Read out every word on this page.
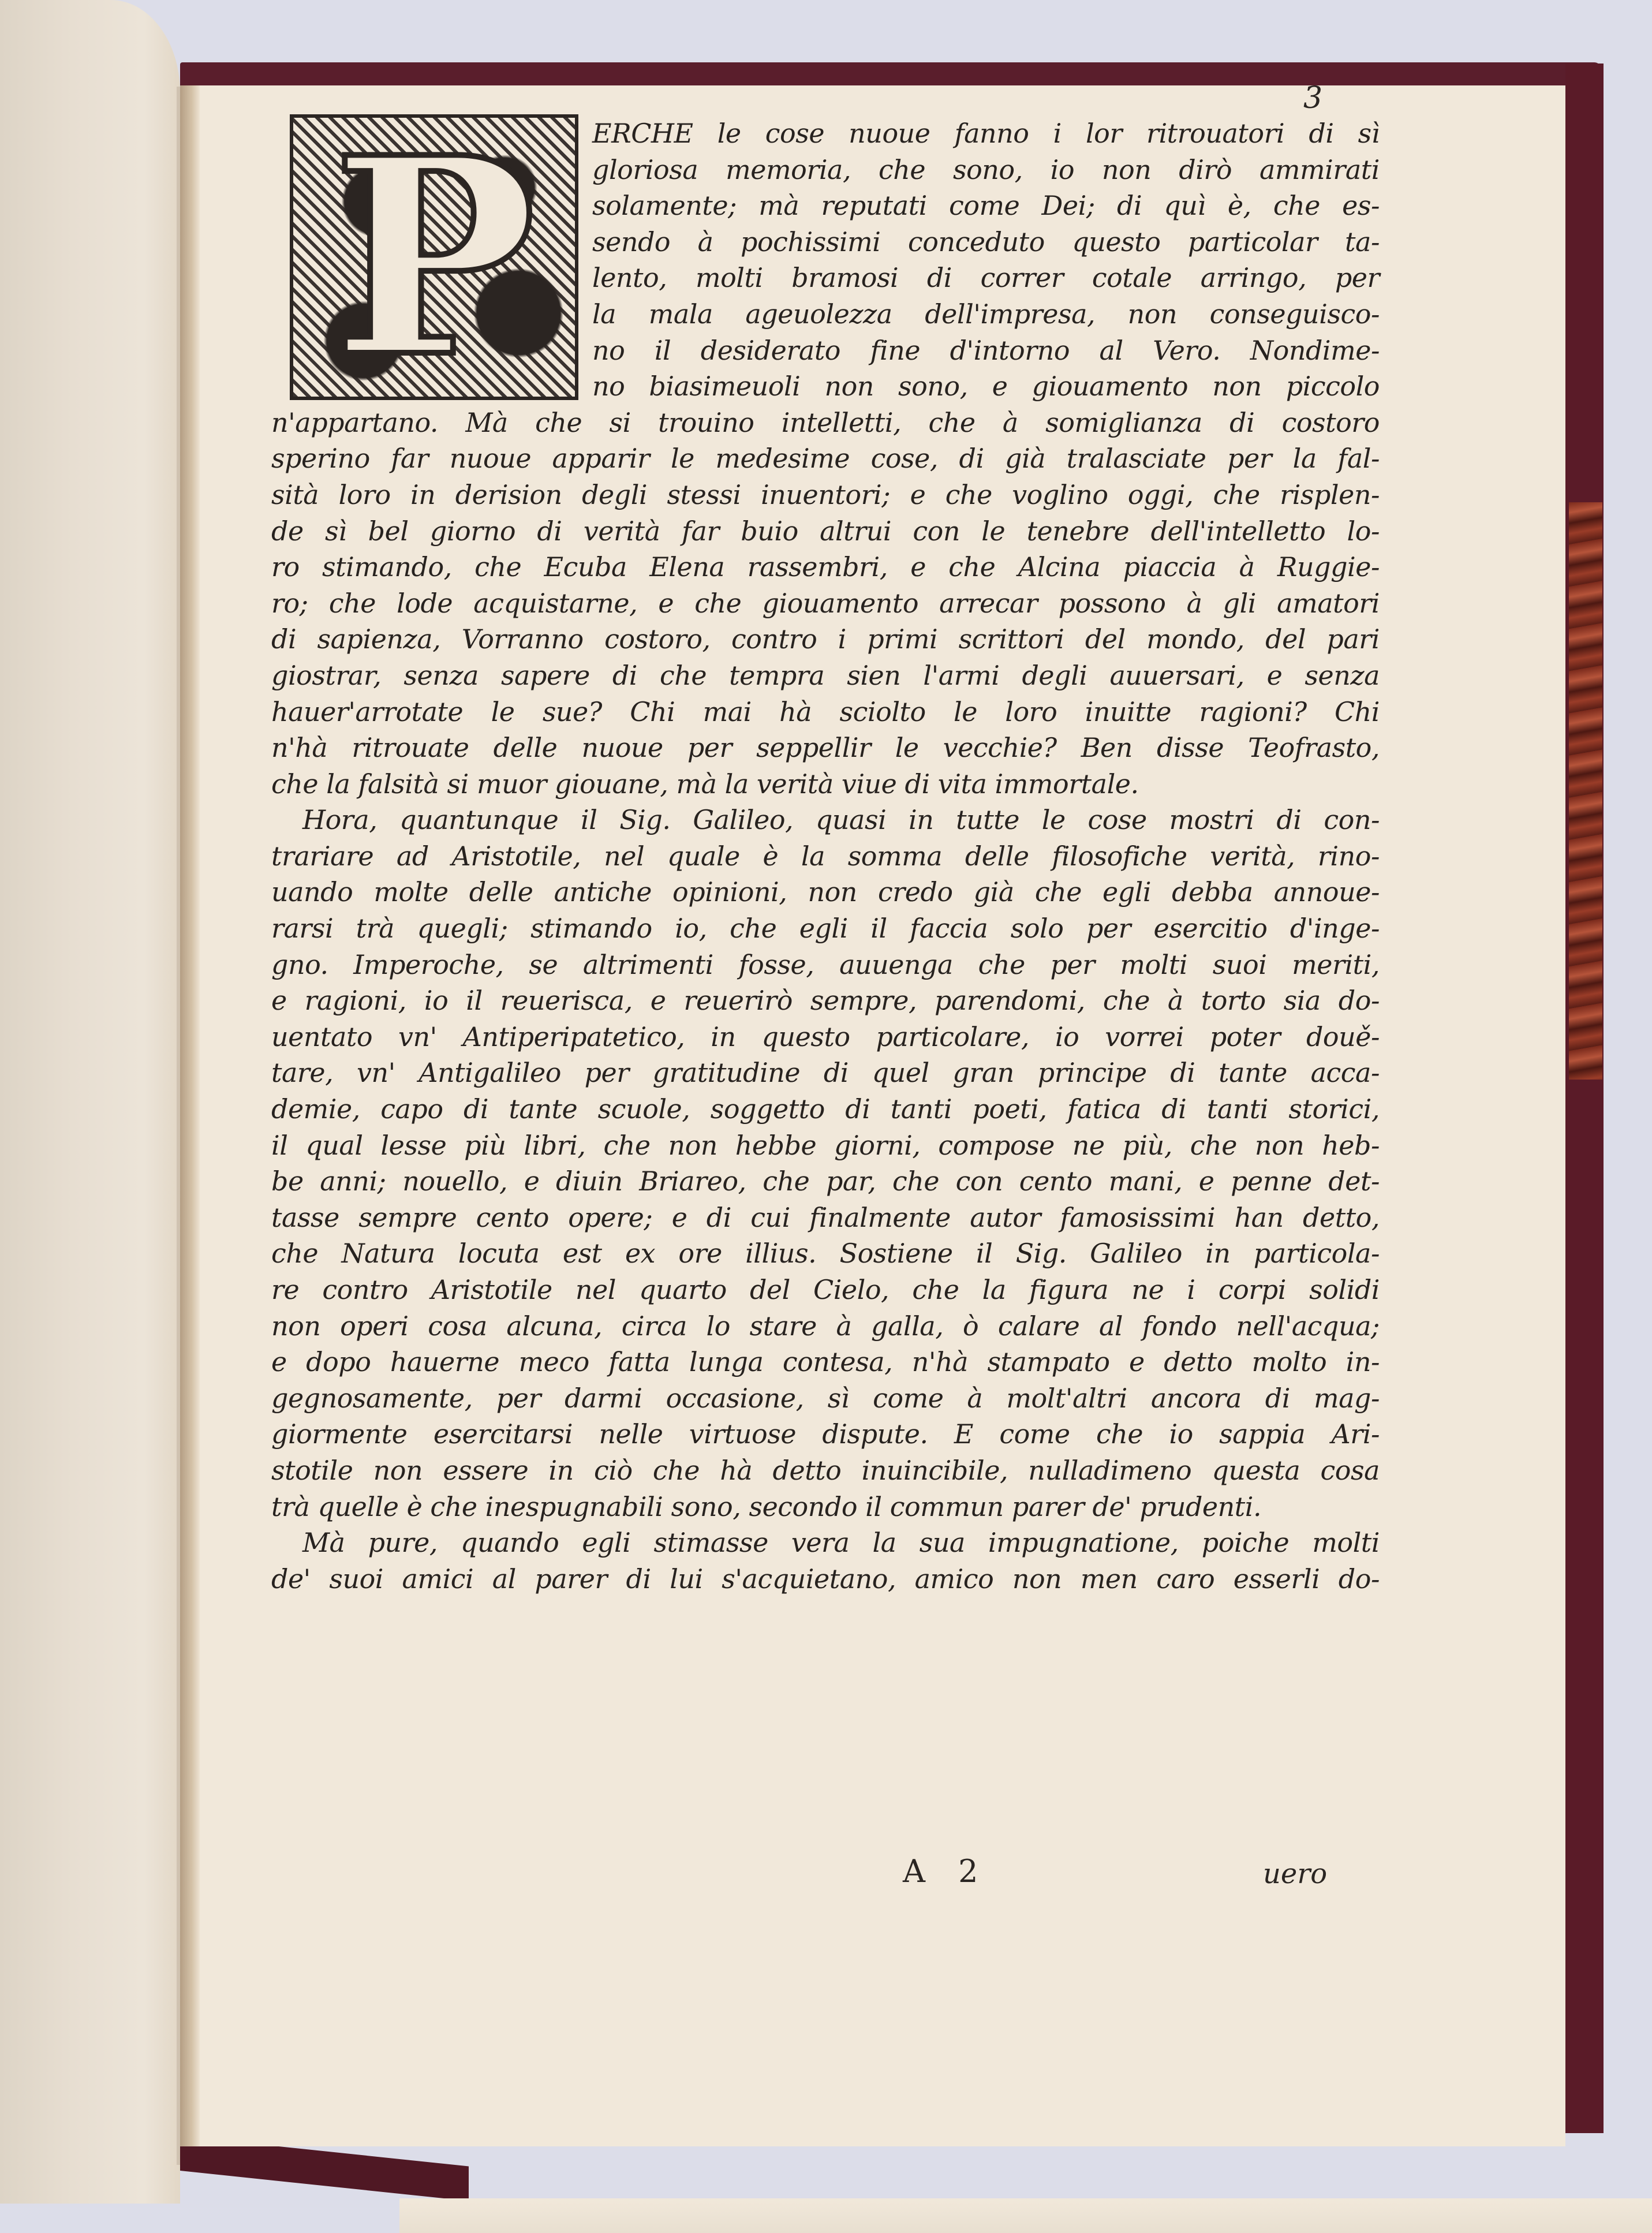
3
P	ERCHE le cose nuoue fanno i lor ritrouatori di sì
gloriosa memoria, che sono, io non dirò ammirati
solamente; mà reputati come Dei; di quì è, che es-
sendo à pochissimi conceduto questo particolar ta-
lento, molti bramosi di correr cotale arringo, per
la mala ageuolezza dell'impresa, non conseguisco-
no il desiderato fine d'intorno al Vero. Nondime-
no biasimeuoli non sono, e giouamento non piccolo
n'appartano. Mà che si trouino intelletti, che à somiglianza di costoro
sperino far nuoue apparir le medesime cose, di già tralasciate per la fal-
sità loro in derision degli stessi inuentori; e che voglino oggi, che risplen-
de sì bel giorno di verità far buio altrui con le tenebre dell'intelletto lo-
ro stimando, che Ecuba Elena rassembri, e che Alcina piaccia à Ruggie-
ro; che lode acquistarne, e che giouamento arrecar possono à gli amatori
di sapienza, Vorranno costoro, contro i primi scrittori del mondo, del pari
giostrar, senza sapere di che tempra sien l'armi degli auuersari, e senza
hauer'arrotate le sue? Chi mai hà sciolto le loro inuitte ragioni? Chi
n'hà ritrouate delle nuoue per seppellir le vecchie? Ben disse Teofrasto,
che la falsità si muor giouane, mà la verità viue di vita immortale.
Hora, quantunque il Sig. Galileo, quasi in tutte le cose mostri di con-
trariare ad Aristotile, nel quale è la somma delle filosofiche verità, rino-
uando molte delle antiche opinioni, non credo già che egli debba annoue-
rarsi trà quegli; stimando io, che egli il faccia solo per esercitio d'inge-
gno. Imperoche, se altrimenti fosse, auuenga che per molti suoi meriti,
e ragioni, io il reuerisca, e reuerirò sempre, parendomi, che à torto sia do-
uentato vn' Antiperipatetico, in questo particolare, io vorrei poter douě-
tare, vn' Antigalileo per gratitudine di quel gran principe di tante acca-
demie, capo di tante scuole, soggetto di tanti poeti, fatica di tanti storici,
il qual lesse più libri, che non hebbe giorni, compose ne più, che non heb-
be anni; nouello, e diuin Briareo, che par, che con cento mani, e penne det-
tasse sempre cento opere; e di cui finalmente autor famosissimi han detto,
che Natura locuta est ex ore illius. Sostiene il Sig. Galileo in particola-
re contro Aristotile nel quarto del Cielo, che la figura ne i corpi solidi
non operi cosa alcuna, circa lo stare à galla, ò calare al fondo nell'acqua;
e dopo hauerne meco fatta lunga contesa, n'hà stampato e detto molto in-
gegnosamente, per darmi occasione, sì come à molt'altri ancora di mag-
giormente esercitarsi nelle virtuose dispute. E come che io sappia Ari-
stotile non essere in ciò che hà detto inuincibile, nulladimeno questa cosa
trà quelle è che inespugnabili sono, secondo il commun parer de' prudenti.
Mà pure, quando egli stimasse vera la sua impugnatione, poiche molti
de' suoi amici al parer di lui s'acquietano, amico non men caro esserli do-
A 2	uero
